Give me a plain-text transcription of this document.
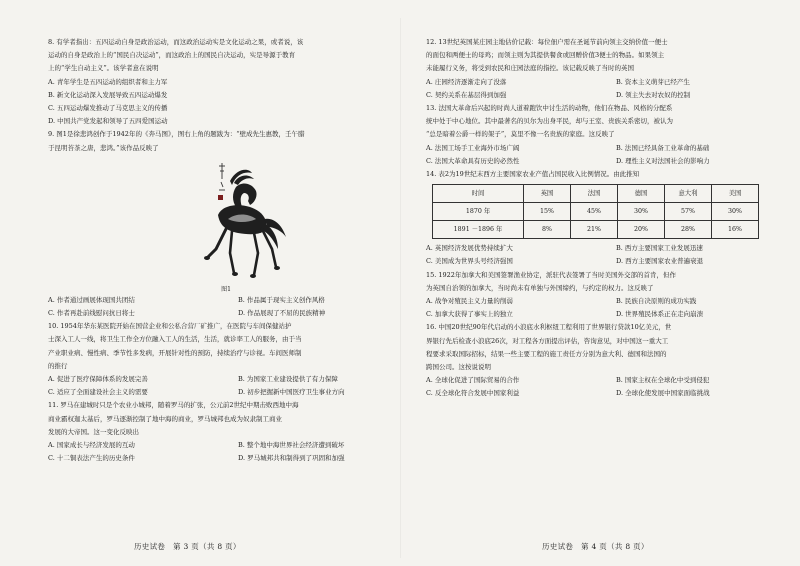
8. 有学者指出：五四运动自身是政治运动，而这政治运动实是文化运动之果，或者说，该
运动的自身是政治上的“国民自决运动”，而这政治上的国民自决运动，实是导源于教育
上的“学生自动主义”。该学者意在说明
A. 青年学生是五四运动的组织者和主力军
B. 新文化运动深入发展导致五四运动爆发
C. 五四运动爆发推动了马克思主义的传播
D. 中国共产党发起和领导了五四爱国运动
9. 图1是徐悲鸿创作于1942年的《奔马图》，图右上角的题跋为：“壁成先生惠教，壬午腊
于昆明苔茶之唐，悲鸿。”该作品反映了
图1
A. 作者通过画展体现国共团结	B. 作品属于现实主义创作风格
C. 作者再赴前线慰问抗日将士	D. 作品展现了不屈的民族精神
10. 1954年华东某医院开始在国营企业和公私合营厂矿推广，在医院与车间保健站护
士深入工人一线，将卫生工作全方位融入工人的生活，生活，就诊率工人的服务，由于当
产业职业病、慢性病、季节性多发病，开展针对性的预防，持续治疗与诊视。车间医师制
的推行
A. 促进了医疗保障体系的发展完善	B. 为国家工业建设提供了有力保障
C. 适应了全面建设社会主义的需要	D. 初步把握新中国医疗卫生事业方向
11. 罗马在建城时只是个农业小城邦，随着罗马的扩张，公元前2世纪中期击败西地中海
商业霸权迦太基后，罗马逐渐控制了地中海的商业，罗马城邦也成为奴隶制工商业
发展的大帝国。这一变化反映出
A. 国家成长与经济发展的互动	B. 整个地中海世界社会经济遭到破坏
C. 十二铜表法产生的历史条件	D. 罗马城邦共和制得到了巩固和加强
历史试卷　第 3 页（共 8 页）
12. 13世纪英国某庄园主地估价记载：每位佃户需在圣诞节前向领主交纳价值一便士
的面包和两便士的母鸡；而领主则为其提供餐食或回赠价值3便士的物品。如果领主
未能履行义务，将受到农民和庄园法庭的指控。该记载反映了当时的英国
A. 庄园经济逐渐走向了没落	B. 资本主义萌芽已经产生
C. 契约关系在基层得到加强	D. 领主失去对农奴的控制
13. 法国大革命后兴起的时尚人道着跑饮中讨生活的动物，他们在物品、风格的分配系
统中处于中心地位。其中最著名的贝尔为出身平民，却与王室、贵族关系密切，被认为
“总是暗着公爵一样的架子”，莫里不像一名贵族的家庭。这反映了
A. 法国工场手工业海外市场广阔	B. 法国已经具备工业革命的基础
C. 法国大革命具有历史的必然性	D. 理性主义对法国社会的影响力
14. 表2为19世纪末西方主要国家农业产值占国民收入比例情况。由此推知
时间	英国	法国	德国	意大利	美国
1870 年	15%	45%	30%	57%	30%
1891 －1896 年	8%	21%	20%	28%	16%
A. 英国经济发展优势持续扩大	B. 西方主要国家工业发展迅速
C. 美国成为世界头号经济强国	D. 西方主要国家农业普遍衰退
15. 1922年加拿大和美国签署渔业协定，派驻代表签署了当时美国外交部的首肯，但作
为英国自治领的加拿大，当时尚未有单独与外国缔约，与约定的权力。这反映了
A. 战争对殖民主义力量的削弱	B. 民族自决原则的成功实践
C. 加拿大获得了事实上的独立	D. 世界殖民体系正在走向崩溃
16. 中国20世纪90年代启动的小浪底水利枢纽工程利用了世界银行贷款10亿美元，世
界银行先后检查小浪底26次，对工程各方面提出评估，咨询意见，对中国这一重大工
程要求采取国际招标，结果一些主要工程的施工责任方分别为意大利、德国和法国的
跨国公司。这按说说明
A. 全球化促进了国际贸易的合作	B. 国家主权在全球化中受到侵犯
C. 反全球化符合发展中国家利益	D. 全球化使发展中国家面临挑战
历史试卷　第 4 页（共 8 页）
